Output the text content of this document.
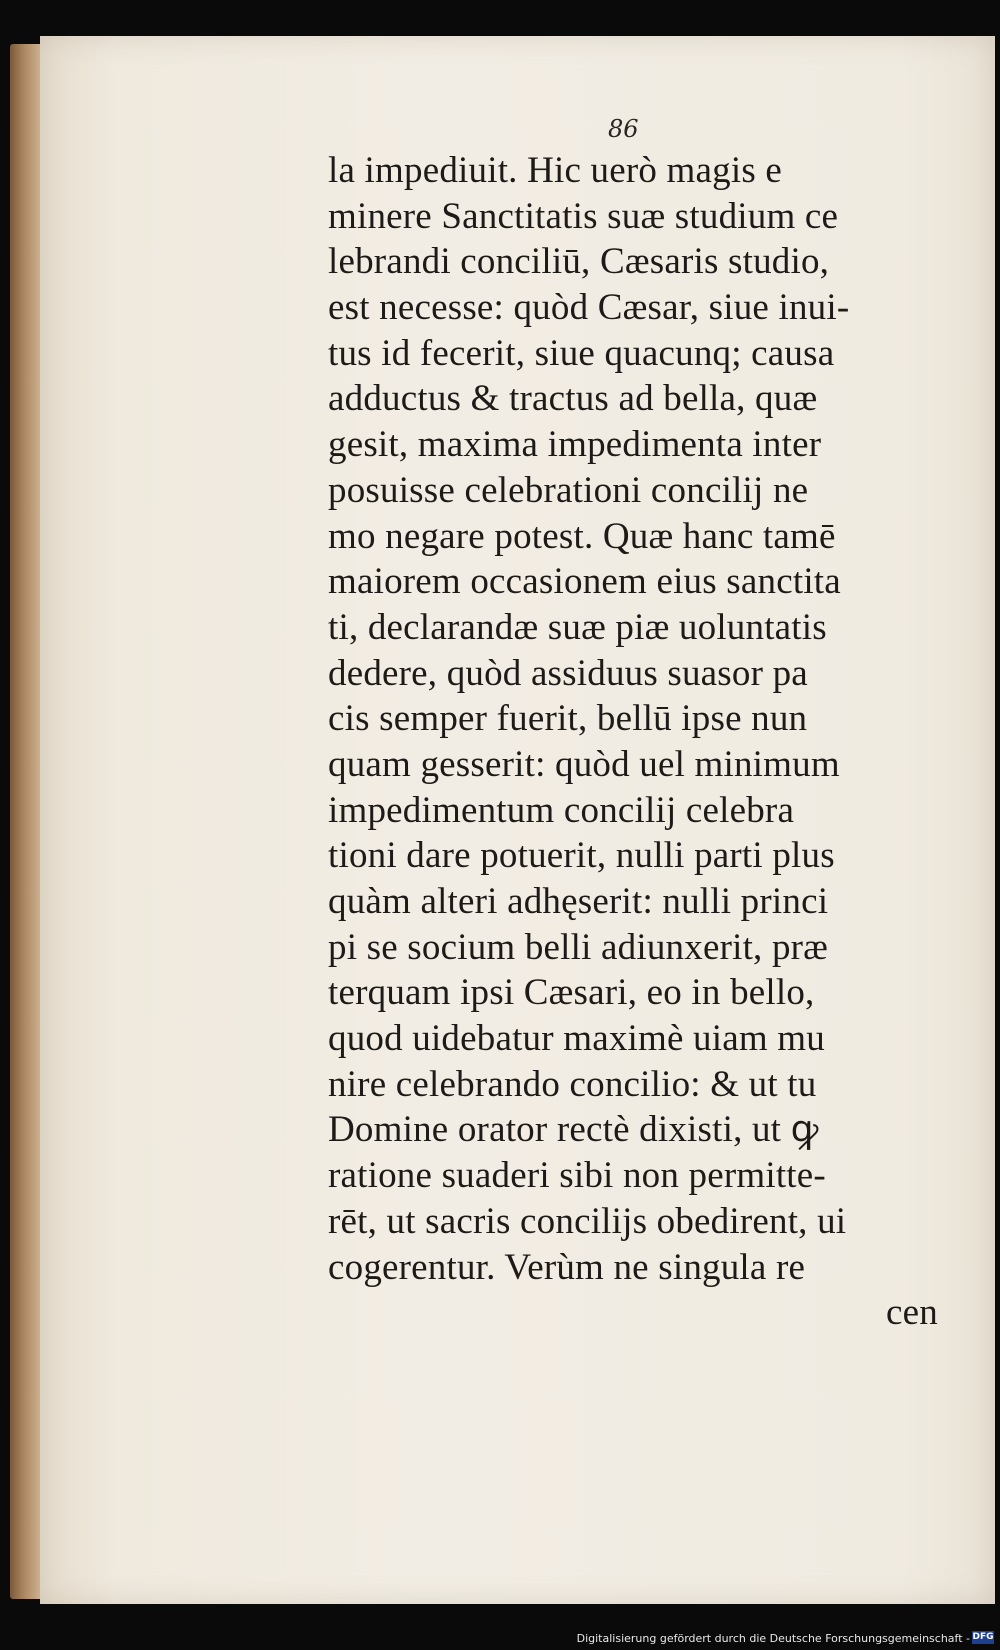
86
la impediuit. Hic uerò magis e
minere Sanctitatis suæ studium ce
lebrandi conciliū, Cæsaris studio,
est necesse: quòd Cæsar, siue inui-
tus id fecerit, siue quacunq; causa
adductus & tractus ad bella, quæ
gesit, maxima impedimenta inter
posuisse celebrationi concilij ne
mo negare potest. Quæ hanc tamē
maiorem occasionem eius sanctita
ti, declarandæ suæ piæ uoluntatis
dedere, quòd assiduus suasor pa
cis semper fuerit, bellū ipse nun
quam gesserit: quòd uel minimum
impedimentum concilij celebra
tioni dare potuerit, nulli parti plus
quàm alteri adhęserit: nulli princi
pi se socium belli adiunxerit, præ
terquam ipsi Cæsari, eo in bello,
quod uidebatur maximè uiam mu
nire celebrando concilio: & ut tu
Domine orator rectè dixisti, ut ꝙ
ratione suaderi sibi non permitte-
rēt, ut sacris concilijs obedirent, ui
cogerentur. Verùm ne singula re
cen
Digitalisierung gefördert durch die Deutsche Forschungsgemeinschaft - DFG
